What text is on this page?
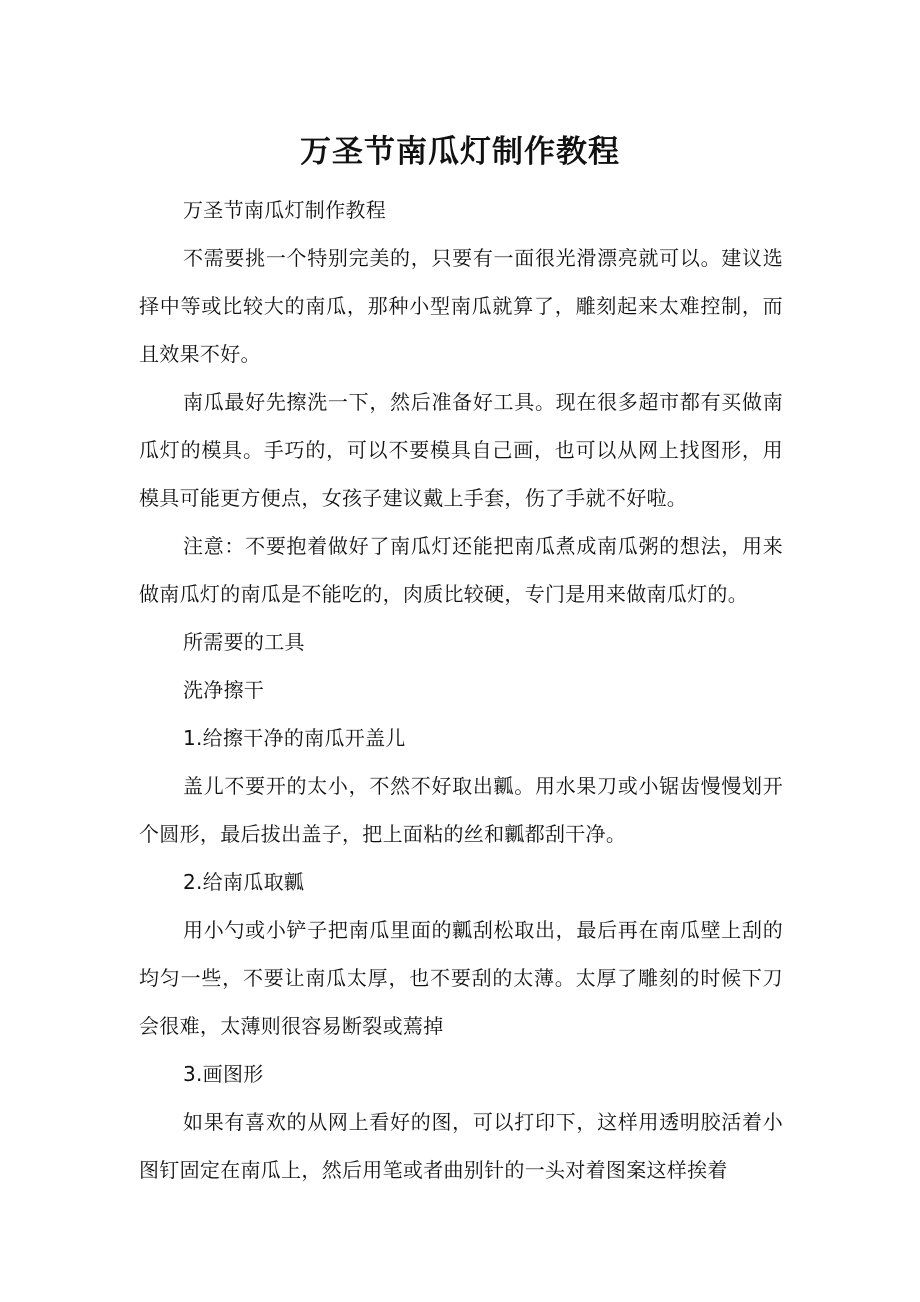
万圣节南瓜灯制作教程

万圣节南瓜灯制作教程

不需要挑一个特别完美的，只要有一面很光滑漂亮就可以。建议选择中等或比较大的南瓜，那种小型南瓜就算了，雕刻起来太难控制，而且效果不好。

南瓜最好先擦洗一下，然后准备好工具。现在很多超市都有买做南瓜灯的模具。手巧的，可以不要模具自己画，也可以从网上找图形，用模具可能更方便点，女孩子建议戴上手套，伤了手就不好啦。

注意：不要抱着做好了南瓜灯还能把南瓜煮成南瓜粥的想法，用来做南瓜灯的南瓜是不能吃的，肉质比较硬，专门是用来做南瓜灯的。

所需要的工具

洗净擦干

1.给擦干净的南瓜开盖儿

盖儿不要开的太小，不然不好取出瓤。用水果刀或小锯齿慢慢划开个圆形，最后拔出盖子，把上面粘的丝和瓤都刮干净。

2.给南瓜取瓤

用小勺或小铲子把南瓜里面的瓤刮松取出，最后再在南瓜壁上刮的均匀一些，不要让南瓜太厚，也不要刮的太薄。太厚了雕刻的时候下刀会很难，太薄则很容易断裂或蔫掉

3.画图形

如果有喜欢的从网上看好的图，可以打印下，这样用透明胶活着小图钉固定在南瓜上，然后用笔或者曲别针的一头对着图案这样挨着
